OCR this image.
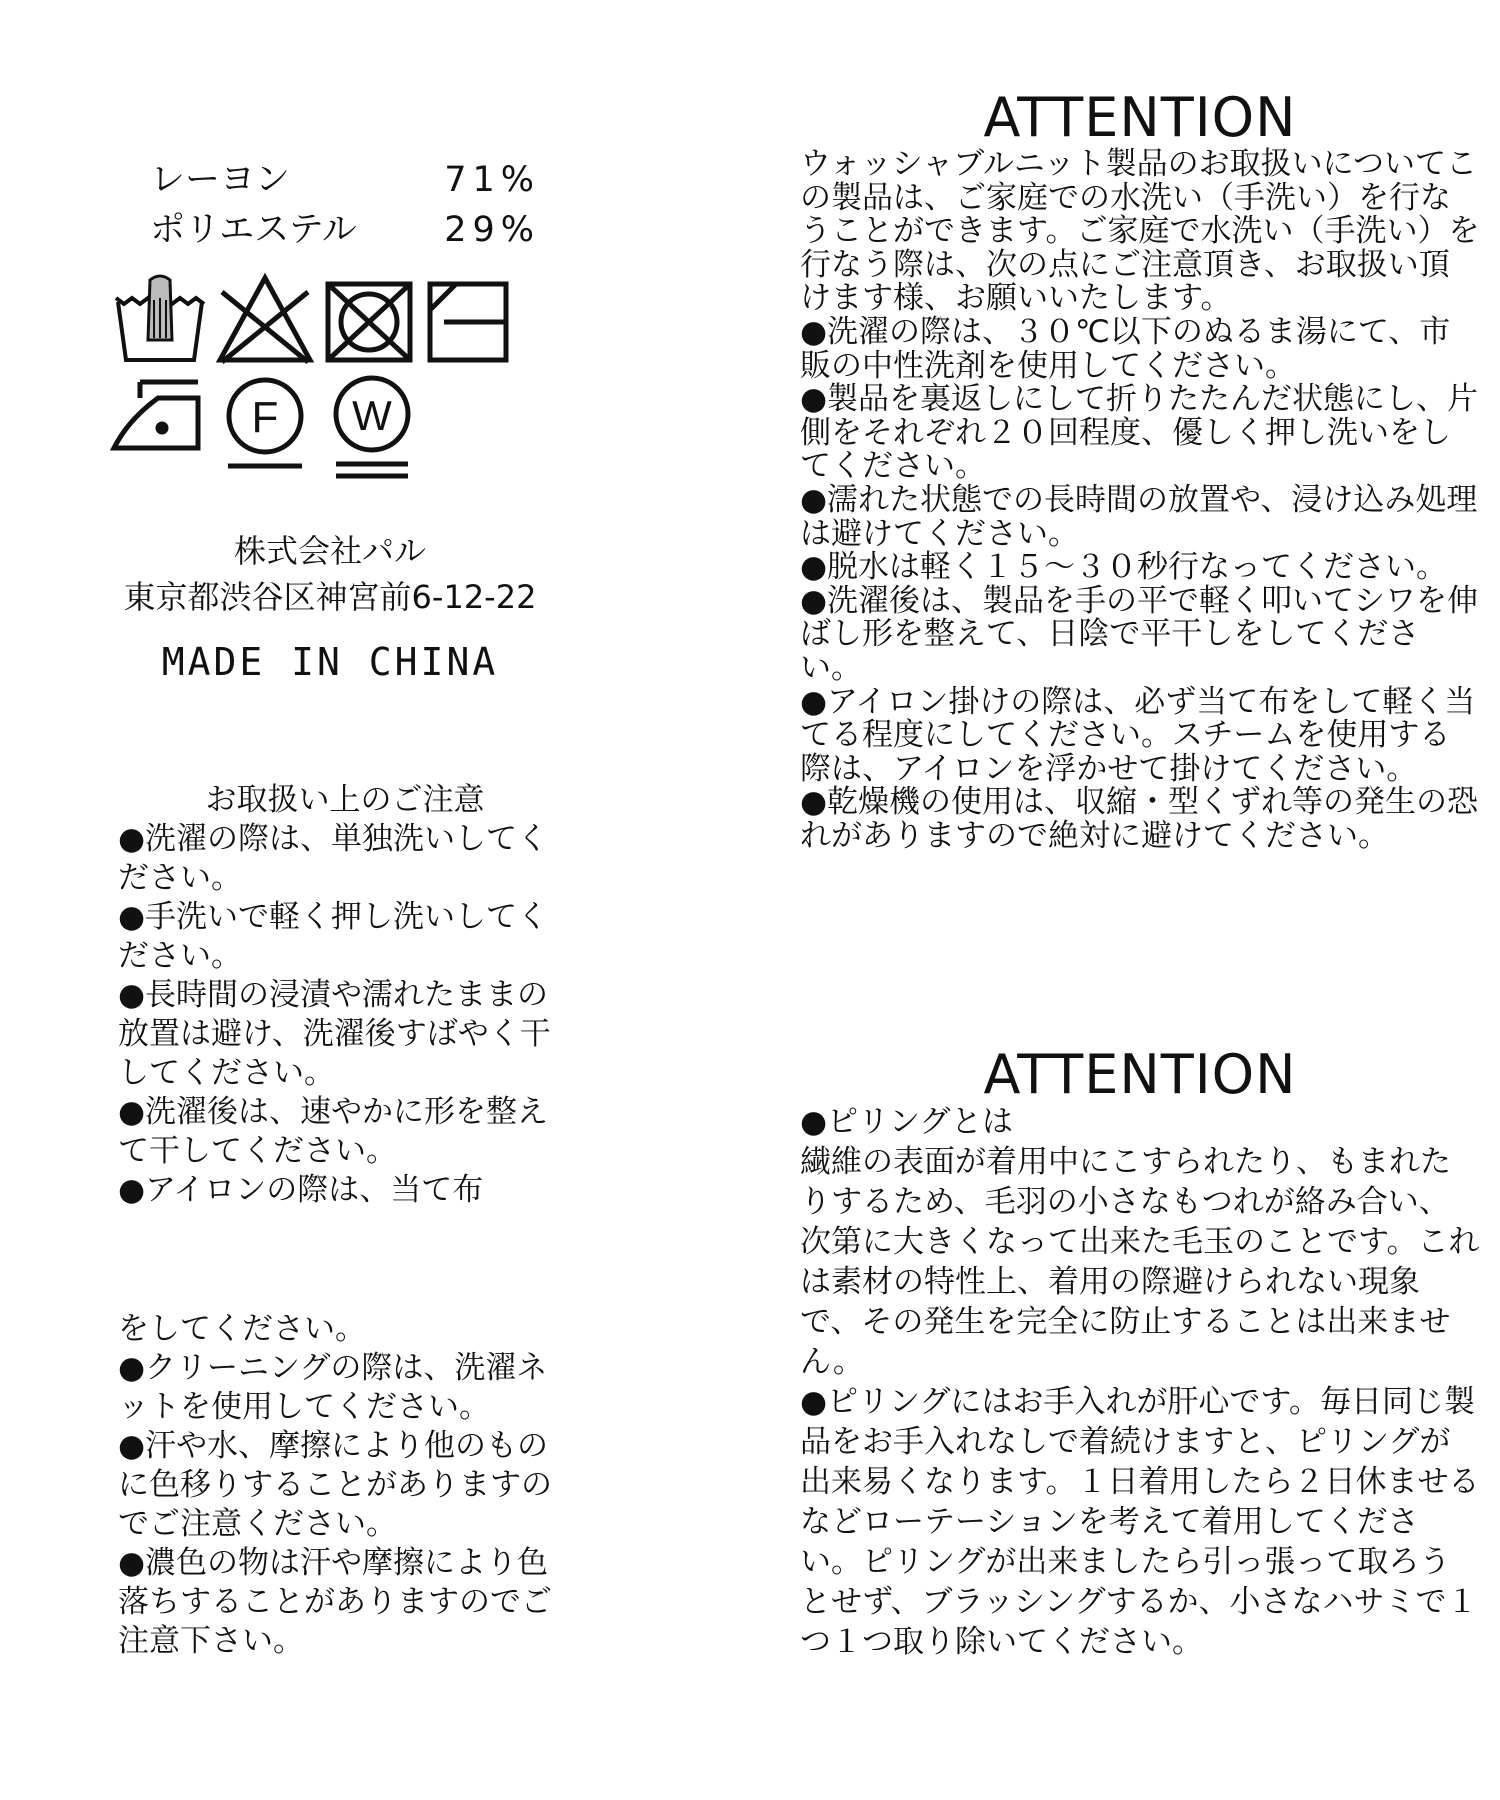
レーヨン	71%
ポリエステル 29%
F W
株式会社パル
東京都渋谷区神宮前6-12-22
MADE IN CHINA
お取扱い上のご注意

●洗濯の際は、単独洗いしてください。

●手洗いで軽く押し洗いしてください。

●長時間の浸漬や濡れたままの放置は避け、洗濯後すばやく干してください。

●洗濯後は、速やかに形を整えて干してください。

●アイロンの際は、当て布

をしてください。

●クリーニングの際は、洗濯ネットを使用してください。

●汗や水、摩擦により他のものに色移りすることがありますのでご注意ください。

●濃色の物は汗や摩擦により色落ちすることがありますのでご注意下さい。

ATTENTION

ウォッシャブルニット製品のお取扱いについてこの製品は、ご家庭での水洗い（手洗い）を行なうことができます。ご家庭で水洗い（手洗い）を行なう際は、次の点にご注意頂き、お取扱い頂けます様、お願いいたします。

●洗濯の際は、３０℃以下のぬるま湯にて、市販の中性洗剤を使用してください。

●製品を裏返しにして折りたたんだ状態にし、片側をそれぞれ２０回程度、優しく押し洗いをしてください。

●濡れた状態での長時間の放置や、浸け込み処理は避けてください。

●脱水は軽く１５～３０秒行なってください。

●洗濯後は、製品を手の平で軽く叩いてシワを伸ばし形を整えて、日陰で平干しをしてください。

●アイロン掛けの際は、必ず当て布をして軽く当てる程度にしてください。スチームを使用する際は、アイロンを浮かせて掛けてください。

●乾燥機の使用は、収縮・型くずれ等の発生の恐れがありますので絶対に避けてください。

ATTENTION

●ピリングとは

繊維の表面が着用中にこすられたり、もまれたりするため、毛羽の小さなもつれが絡み合い、次第に大きくなって出来た毛玉のことです。これは素材の特性上、着用の際避けられない現象で、その発生を完全に防止することは出来ません。

●ピリングにはお手入れが肝心です。毎日同じ製品をお手入れなしで着続けますと、ピリングが出来易くなります。１日着用したら２日休ませるなどローテーションを考えて着用してください。ピリングが出来ましたら引っ張って取ろうとせず、ブラッシングするか、小さなハサミで１つ１つ取り除いてください。
